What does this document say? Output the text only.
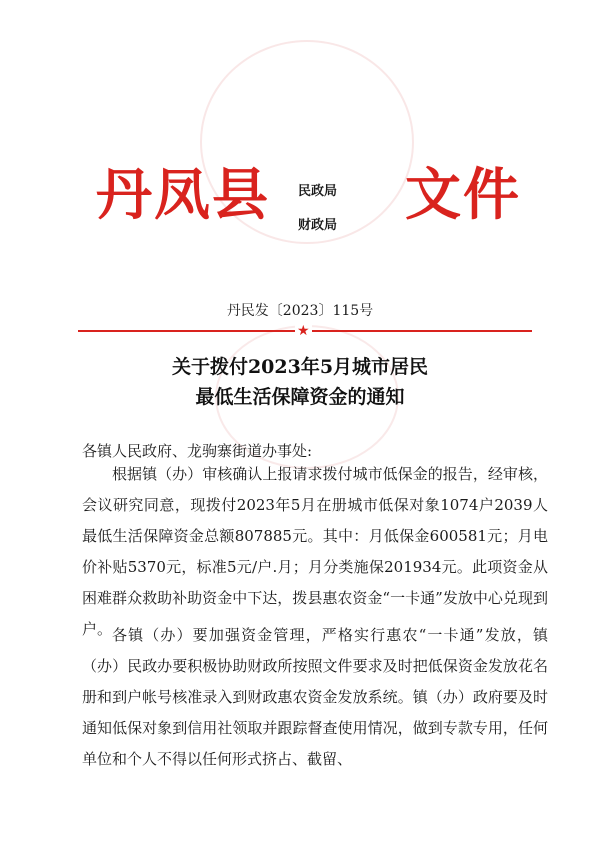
丹凤县 民政局
财政局 文件
丹民发〔2023〕115号
★
关于拨付2023年5月城市居民
最低生活保障资金的通知
各镇人民政府、龙驹寨街道办事处:
根据镇（办）审核确认上报请求拨付城市低保金的报告，经审核，会议研究同意，现拨付2023年5月在册城市低保对象1074户2039人最低生活保障资金总额807885元。其中：月低保金600581元；月电价补贴5370元，标准5元/户.月；月分类施保201934元。此项资金从困难群众救助补助资金中下达，拨县惠农资金“一卡通”发放中心兑现到户。 各镇（办）要加强资金管理，严格实行惠农“一卡通”发放，镇（办）民政办要积极协助财政所按照文件要求及时把低保资金发放花名册和到户帐号核准录入到财政惠农资金发放系统。镇（办）政府要及时通知低保对象到信用社领取并跟踪督查使用情况，做到专款专用，任何单位和个人不得以任何形式挤占、截留、
